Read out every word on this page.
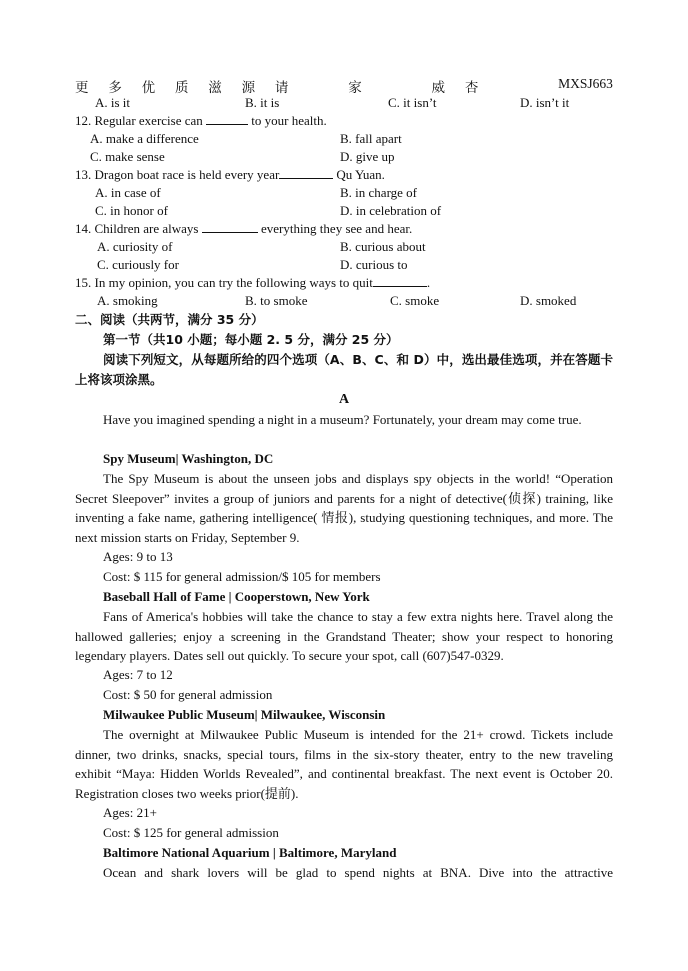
更 多 优 质 滋 源 请	家	威 杏	MXSJ663
A. is it	B. it is	C. it isn’t	D. isn’t it
12. Regular exercise can	to your health.
A. make a difference	B. fall apart
C. make sense	D. give up
13. Dragon boat race is held every year	Qu Yuan.
A. in case of	B. in charge of
C. in honor of	D. in celebration of
14. Children are always	everything they see and hear.
A. curiosity of	B. curious about
C. curiously for	D. curious to
15. In my opinion, you can try the following ways to quit	.
A. smoking	B. to smoke	C. smoke	D. smoked
二、阅读（共两节，满分 35 分）
第一节（共10 小题；每小题 2. 5 分，满分 25 分）
阅读下列短文，从每题所给的四个选项（A、B、C、和 D）中，选出最佳选项，并在答题卡上将该项涂黑。
A
Have you imagined spending a night in a museum? Fortunately, your dream may come true.
Spy Museum| Washington, DC
The Spy Museum is about the unseen jobs and displays spy objects in the world! “Operation Secret Sleepover” invites a group of juniors and parents for a night of detective(侦探) training, like inventing a fake name, gathering intelligence( 情报), studying questioning techniques, and more. The next mission starts on Friday, September 9.
Ages: 9 to 13
Cost: $ 115 for general admission/$ 105 for members
Baseball Hall of Fame | Cooperstown, New York
Fans of America's hobbies will take the chance to stay a few extra nights here. Travel along the hallowed galleries; enjoy a screening in the Grandstand Theater; show your respect to honoring legendary players. Dates sell out quickly. To secure your spot, call (607)547-0329.
Ages: 7 to 12
Cost: $ 50 for general admission
Milwaukee Public Museum| Milwaukee, Wisconsin
The overnight at Milwaukee Public Museum is intended for the 21+ crowd. Tickets include dinner, two drinks, snacks, special tours, films in the six-story theater, entry to the new traveling exhibit “Maya: Hidden Worlds Revealed”, and continental breakfast. The next event is October 20. Registration closes two weeks prior(提前).
Ages: 21+
Cost: $ 125 for general admission
Baltimore National Aquarium | Baltimore, Maryland
Ocean and shark lovers will be glad to spend nights at BNA. Dive into the attractive
